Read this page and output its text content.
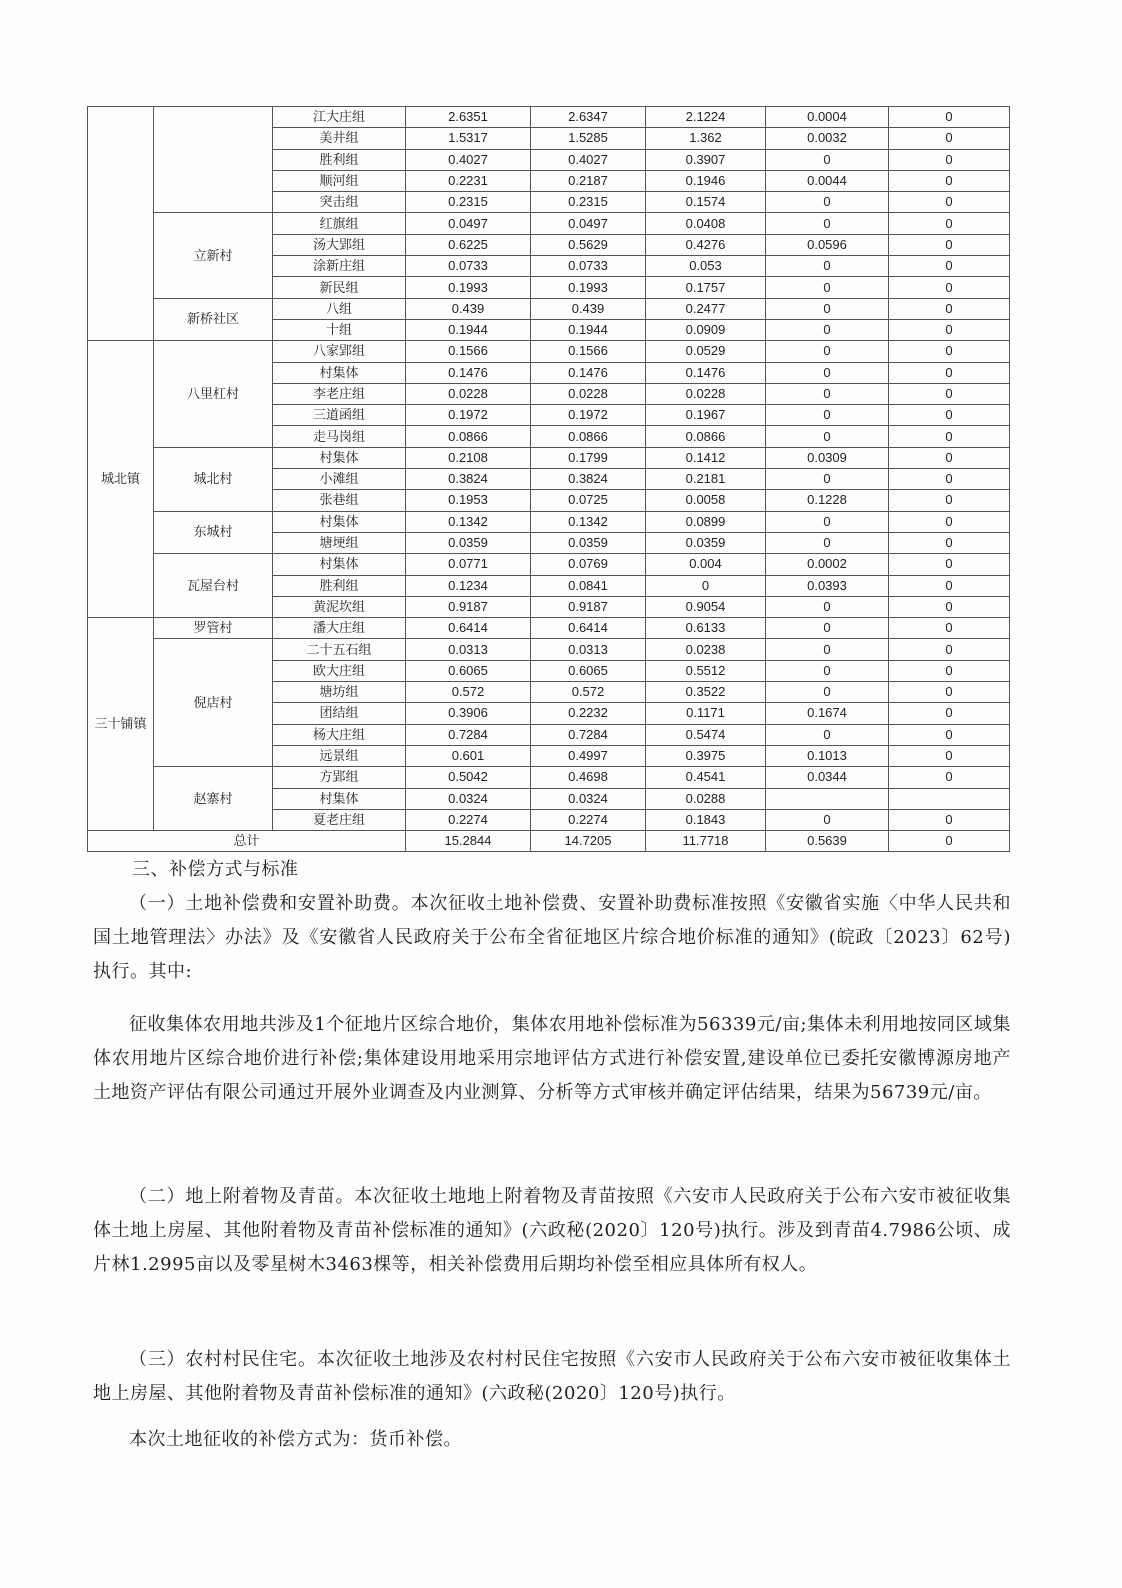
		江大庄组	2.6351	2.6347	2.1224	0.0004	0
		美井组	1.5317	1.5285	1.362	0.0032	0
		胜利组	0.4027	0.4027	0.3907	0	0
		顺河组	0.2231	0.2187	0.1946	0.0044	0
		突击组	0.2315	0.2315	0.1574	0	0
	立新村	红旗组	0.0497	0.0497	0.0408	0	0
		汤大郢组	0.6225	0.5629	0.4276	0.0596	0
		涂新庄组	0.0733	0.0733	0.053	0	0
		新民组	0.1993	0.1993	0.1757	0	0
	新桥社区	八组	0.439	0.439	0.2477	0	0
		十组	0.1944	0.1944	0.0909	0	0
城北镇	八里杠村	八家郢组	0.1566	0.1566	0.0529	0	0
		村集体	0.1476	0.1476	0.1476	0	0
		李老庄组	0.0228	0.0228	0.0228	0	0
		三道函组	0.1972	0.1972	0.1967	0	0
		走马岗组	0.0866	0.0866	0.0866	0	0
	城北村	村集体	0.2108	0.1799	0.1412	0.0309	0
		小滩组	0.3824	0.3824	0.2181	0	0
		张巷组	0.1953	0.0725	0.0058	0.1228	0
	东城村	村集体	0.1342	0.1342	0.0899	0	0
		塘埂组	0.0359	0.0359	0.0359	0	0
	瓦屋台村	村集体	0.0771	0.0769	0.004	0.0002	0
		胜利组	0.1234	0.0841	0	0.0393	0
		黄泥坎组	0.9187	0.9187	0.9054	0	0
三十铺镇	罗管村	潘大庄组	0.6414	0.6414	0.6133	0	0
	倪店村	二十五石组	0.0313	0.0313	0.0238	0	0
		欧大庄组	0.6065	0.6065	0.5512	0	0
		塘坊组	0.572	0.572	0.3522	0	0
		团结组	0.3906	0.2232	0.1171	0.1674	0
		杨大庄组	0.7284	0.7284	0.5474	0	0
		远景组	0.601	0.4997	0.3975	0.1013	0
	赵寨村	方郢组	0.5042	0.4698	0.4541	0.0344	0
		村集体	0.0324	0.0324	0.0288		
		夏老庄组	0.2274	0.2274	0.1843	0	0
总计			15.2844	14.7205	11.7718	0.5639	0
三、补偿方式与标准
（一）土地补偿费和安置补助费。本次征收土地补偿费、安置补助费标准按照《安徽省实施〈中华人民共和国土地管理法〉办法》及《安徽省人民政府关于公布全省征地区片综合地价标准的通知》(皖政〔2023〕62号)执行。其中:
征收集体农用地共涉及1个征地片区综合地价，集体农用地补偿标准为56339元/亩;集体未利用地按同区域集体农用地片区综合地价进行补偿;集体建设用地采用宗地评估方式进行补偿安置,建设单位已委托安徽博源房地产土地资产评估有限公司通过开展外业调查及内业测算、分析等方式审核并确定评估结果，结果为56739元/亩。
（二）地上附着物及青苗。本次征收土地地上附着物及青苗按照《六安市人民政府关于公布六安市被征收集体土地上房屋、其他附着物及青苗补偿标准的通知》(六政秘(2020〕120号)执行。涉及到青苗4.7986公顷、成片林1.2995亩以及零星树木3463棵等，相关补偿费用后期均补偿至相应具体所有权人。
（三）农村村民住宅。本次征收土地涉及农村村民住宅按照《六安市人民政府关于公布六安市被征收集体土地上房屋、其他附着物及青苗补偿标准的通知》(六政秘(2020〕120号)执行。
本次土地征收的补偿方式为：货币补偿。
